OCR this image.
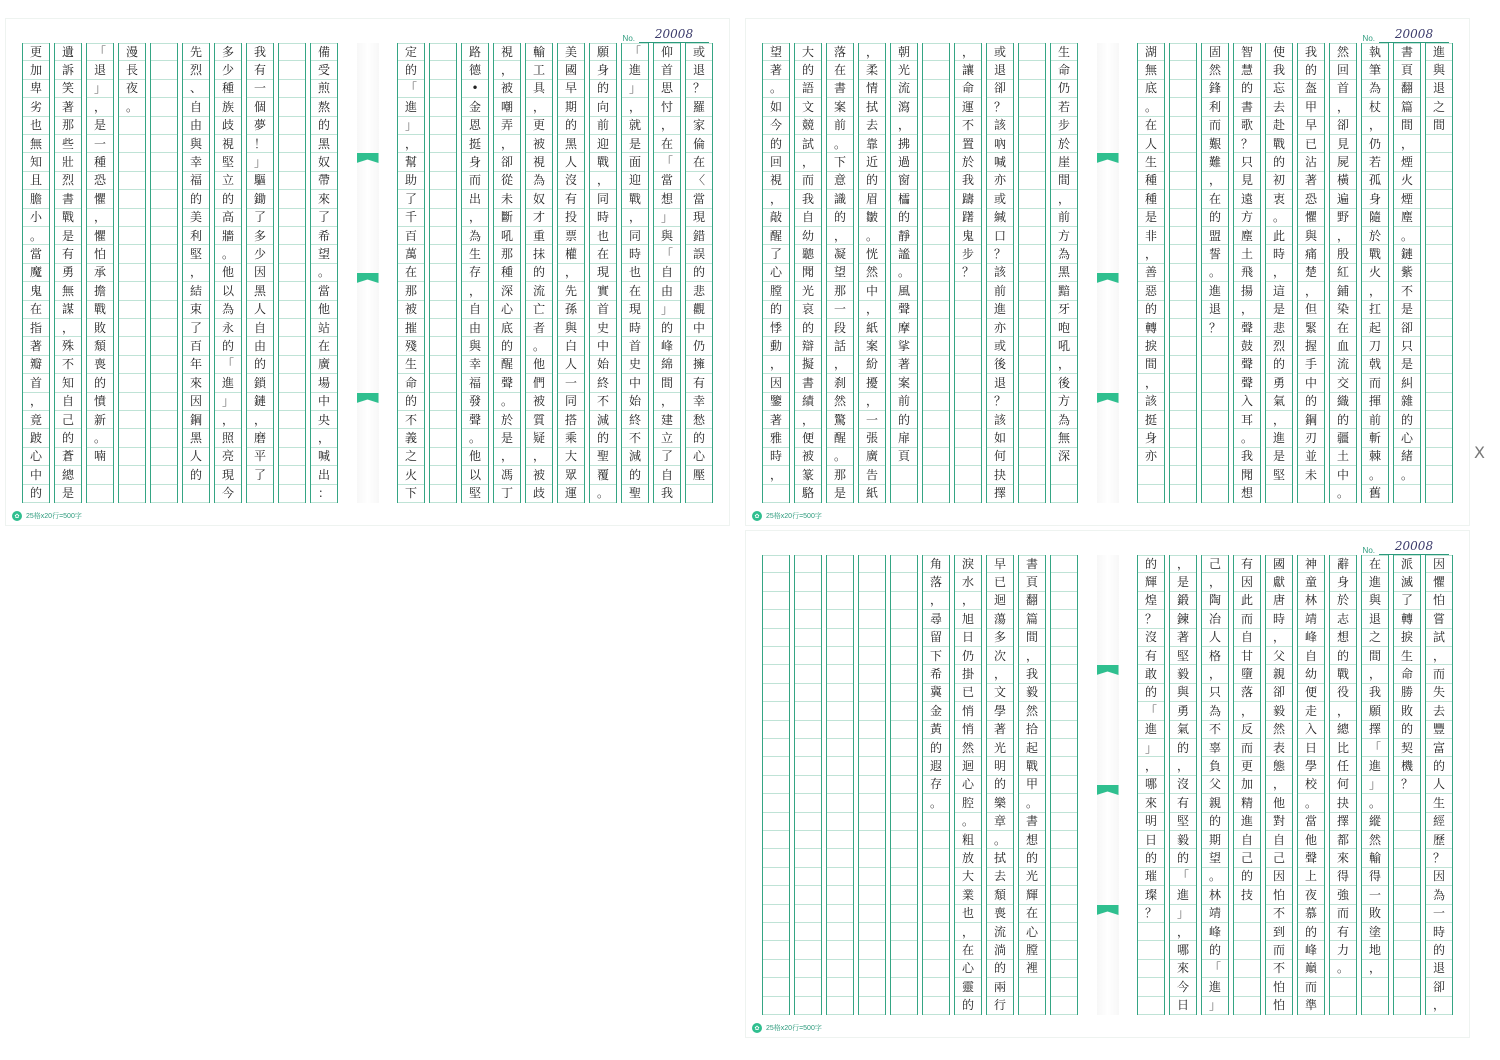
No.	20008
或
退
？
羅
家
倫
在
〈
當
現
錯
誤
的
悲
觀
中
仍
擁
有
幸
愁
的
心
壓
仰
首
思
忖
，
在
「
當
想
」
與
「
自
由
」
的
峰
綿
間
，
建
立
了
自
我
「
進
」
，
就
是
面
迎
戰
，
同
時
也
在
現
時
首
史
中
始
終
不
減
的
聖
願
身
的
向
前
迎
戰
，
同
時
也
在
現
實
首
史
中
始
終
不
減
的
聖
覆
。
美
國
早
期
的
黑
人
沒
有
投
票
權
，
先
孫
與
白
人
一
同
搭
乘
大
眾
運
輸
工
具
，
更
被
視
為
奴
才
重
抹
的
流
亡
者
。
他
們
被
質
疑
，
被
歧
視
，
被
嘲
弄
，
卻
從
未
斷
吼
那
種
深
心
底
的
醒
聲
。
於
是
，
馮
丁
路
德
•
金
恩
挺
身
而
出
，
為
生
存
，
自
由
與
幸
福
發
聲
。
他
以
堅
定
的
「
進
」
，
幫
助
了
千
百
萬
在
那
被
摧
殘
生
命
的
不
義
之
火
下
備
受
煎
熬
的
黑
奴
帶
來
了
希
望
。
當
他
站
在
廣
場
中
央
，
喊
出
：
我
有
一
個
夢
！
」
驅
鋤
了
多
少
因
黑
人
自
由
的
鎖
鏈
，
磨
平
了
多
少
種
族
歧
視
堅
立
的
高
牆
。
他
以
為
永
的
「
進
」
，
照
亮
現
今
先
烈
、
自
由
與
幸
福
的
美
利
堅
，
結
束
了
百
年
來
因
鋼
黑
人
的
漫
長
夜
。
「
退
」
，
是
一
種
恐
懼
，
懼
怕
承
擔
戰
敗
頹
喪
的
憤
新
。
喃
遺
訴
笑
著
那
些
壯
烈
書
戰
是
有
勇
無
謀
，
殊
不
知
自
己
的
蒼
總
是
更
加
卑
劣
也
無
知
且
膽
小
。
當
魔
鬼
在
指
著
瓣
首
，
竟
跛
心
中
的
✿ 25格x20行=500字
No.	20008
進
與
退
之
間
書
頁
翻
篇
間
，
煙
火
煙
塵
。
鏈
紫
不
是
卻
只
是
糾
雜
的
心
緒
。
執
筆
為
杖
，
仍
若
孤
身
隨
於
戰
火
，
扛
起
刀
戟
而
揮
前
斬
棘
。
舊
然
回
首
，
卻
見
屍
橫
遍
野
，
殷
紅
鋪
染
在
血
流
交
織
的
疆
土
中
。
我
的
盔
甲
早
已
沾
著
恐
懼
與
痛
楚
，
但
緊
握
手
中
的
鋼
刃
並
未
使
我
忘
去
赴
戰
的
初
衷
。
此
時
，
這
是
悲
烈
的
勇
氣
，
進
是
堅
智
慧
的
書
歌
？
只
見
遠
方
塵
土
飛
揚
，
聲
鼓
聲
聲
入
耳
。
我
聞
想
固
然
鋒
利
而
艱
難
，
在
的
盟
誓
。
進
退
？
湖
無
底
。
在
人
生
種
種
是
非
，
善
惡
的
轉
捩
間
，
該
挺
身
亦
生
命
仍
若
步
於
崖
間
，
前
方
為
黑
黯
牙
咆
吼
，
後
方
為
無
深
或
退
卻
？
該
吶
喊
亦
或
緘
口
？
該
前
進
亦
或
後
退
？
該
如
何
抉
擇
，
讓
命
運
不
置
於
我
躊
躇
鬼
步
？
朝
光
流
瀉
，
拂
過
窗
櫺
的
靜
謐
。
風
聲
摩
挲
著
案
前
的
扉
頁
，
柔
情
拭
去
靠
近
的
眉
皺
。
恍
然
中
，
紙
案
紛
擾
，
一
張
廣
告
紙
落
在
書
案
前
。
下
意
識
的
，
凝
望
那
一
段
話
，
刹
然
驚
醒
。
那
是
大
的
語
文
競
試
，
而
我
自
幼
聽
聞
光
哀
的
辯
擬
書
績
，
便
被
篆
駱
望
著
。
如
今
的
回
視
，
敲
醒
了
心
膛
的
悸
動
，
因
鑒
著
雅
時
，
✿ 25格x20行=500字
No.	20008
因
懼
怕
嘗
試
，
而
失
去
豐
富
的
人
生
經
歷
？
因
為
一
時
的
退
卻
，
派
滅
了
轉
捩
生
命
勝
敗
的
契
機
？
在
進
與
退
之
間
，
我
願
擇
「
進
」
。
縱
然
輸
得
一
敗
塗
地
，
辭
身
於
志
想
的
戰
役
，
總
比
任
何
抉
擇
都
來
得
強
而
有
力
。
神
童
林
靖
峰
自
幼
便
走
入
日
學
校
。
當
他
聲
上
夜
慕
的
峰
巔
而
準
國
獻
唐
時
，
父
親
卻
毅
然
表
態
，
他
對
自
己
因
怕
不
到
而
不
怕
怕
有
因
此
而
自
甘
墮
落
，
反
而
更
加
精
進
自
己
的
技
己
，
陶
冶
人
格
，
只
為
不
辜
負
父
親
的
期
望
。
林
靖
峰
的
「
進
」
，
是
鍛
鍊
著
堅
毅
與
勇
氣
的
，
沒
有
堅
毅
的
「
進
」
，
哪
來
今
日
的
輝
煌
？
沒
有
敢
的
「
進
」
，
哪
來
明
日
的
璀
璨
？
書
頁
翻
篇
間
，
我
毅
然
拾
起
戰
甲
。
書
想
的
光
輝
在
心
膛
裡
早
已
迴
蕩
多
次
，
文
學
著
光
明
的
樂
章
。
拭
去
頹
喪
流
淌
的
兩
行
淚
水
，
旭
日
仍
掛
已
悄
悄
然
迴
心
腔
。
粗
放
大
業
也
，
在
心
靈
的
角
落
，
尋
留
下
希
冀
金
黃
的
遐
存
。
✿ 25格x20行=500字
X
